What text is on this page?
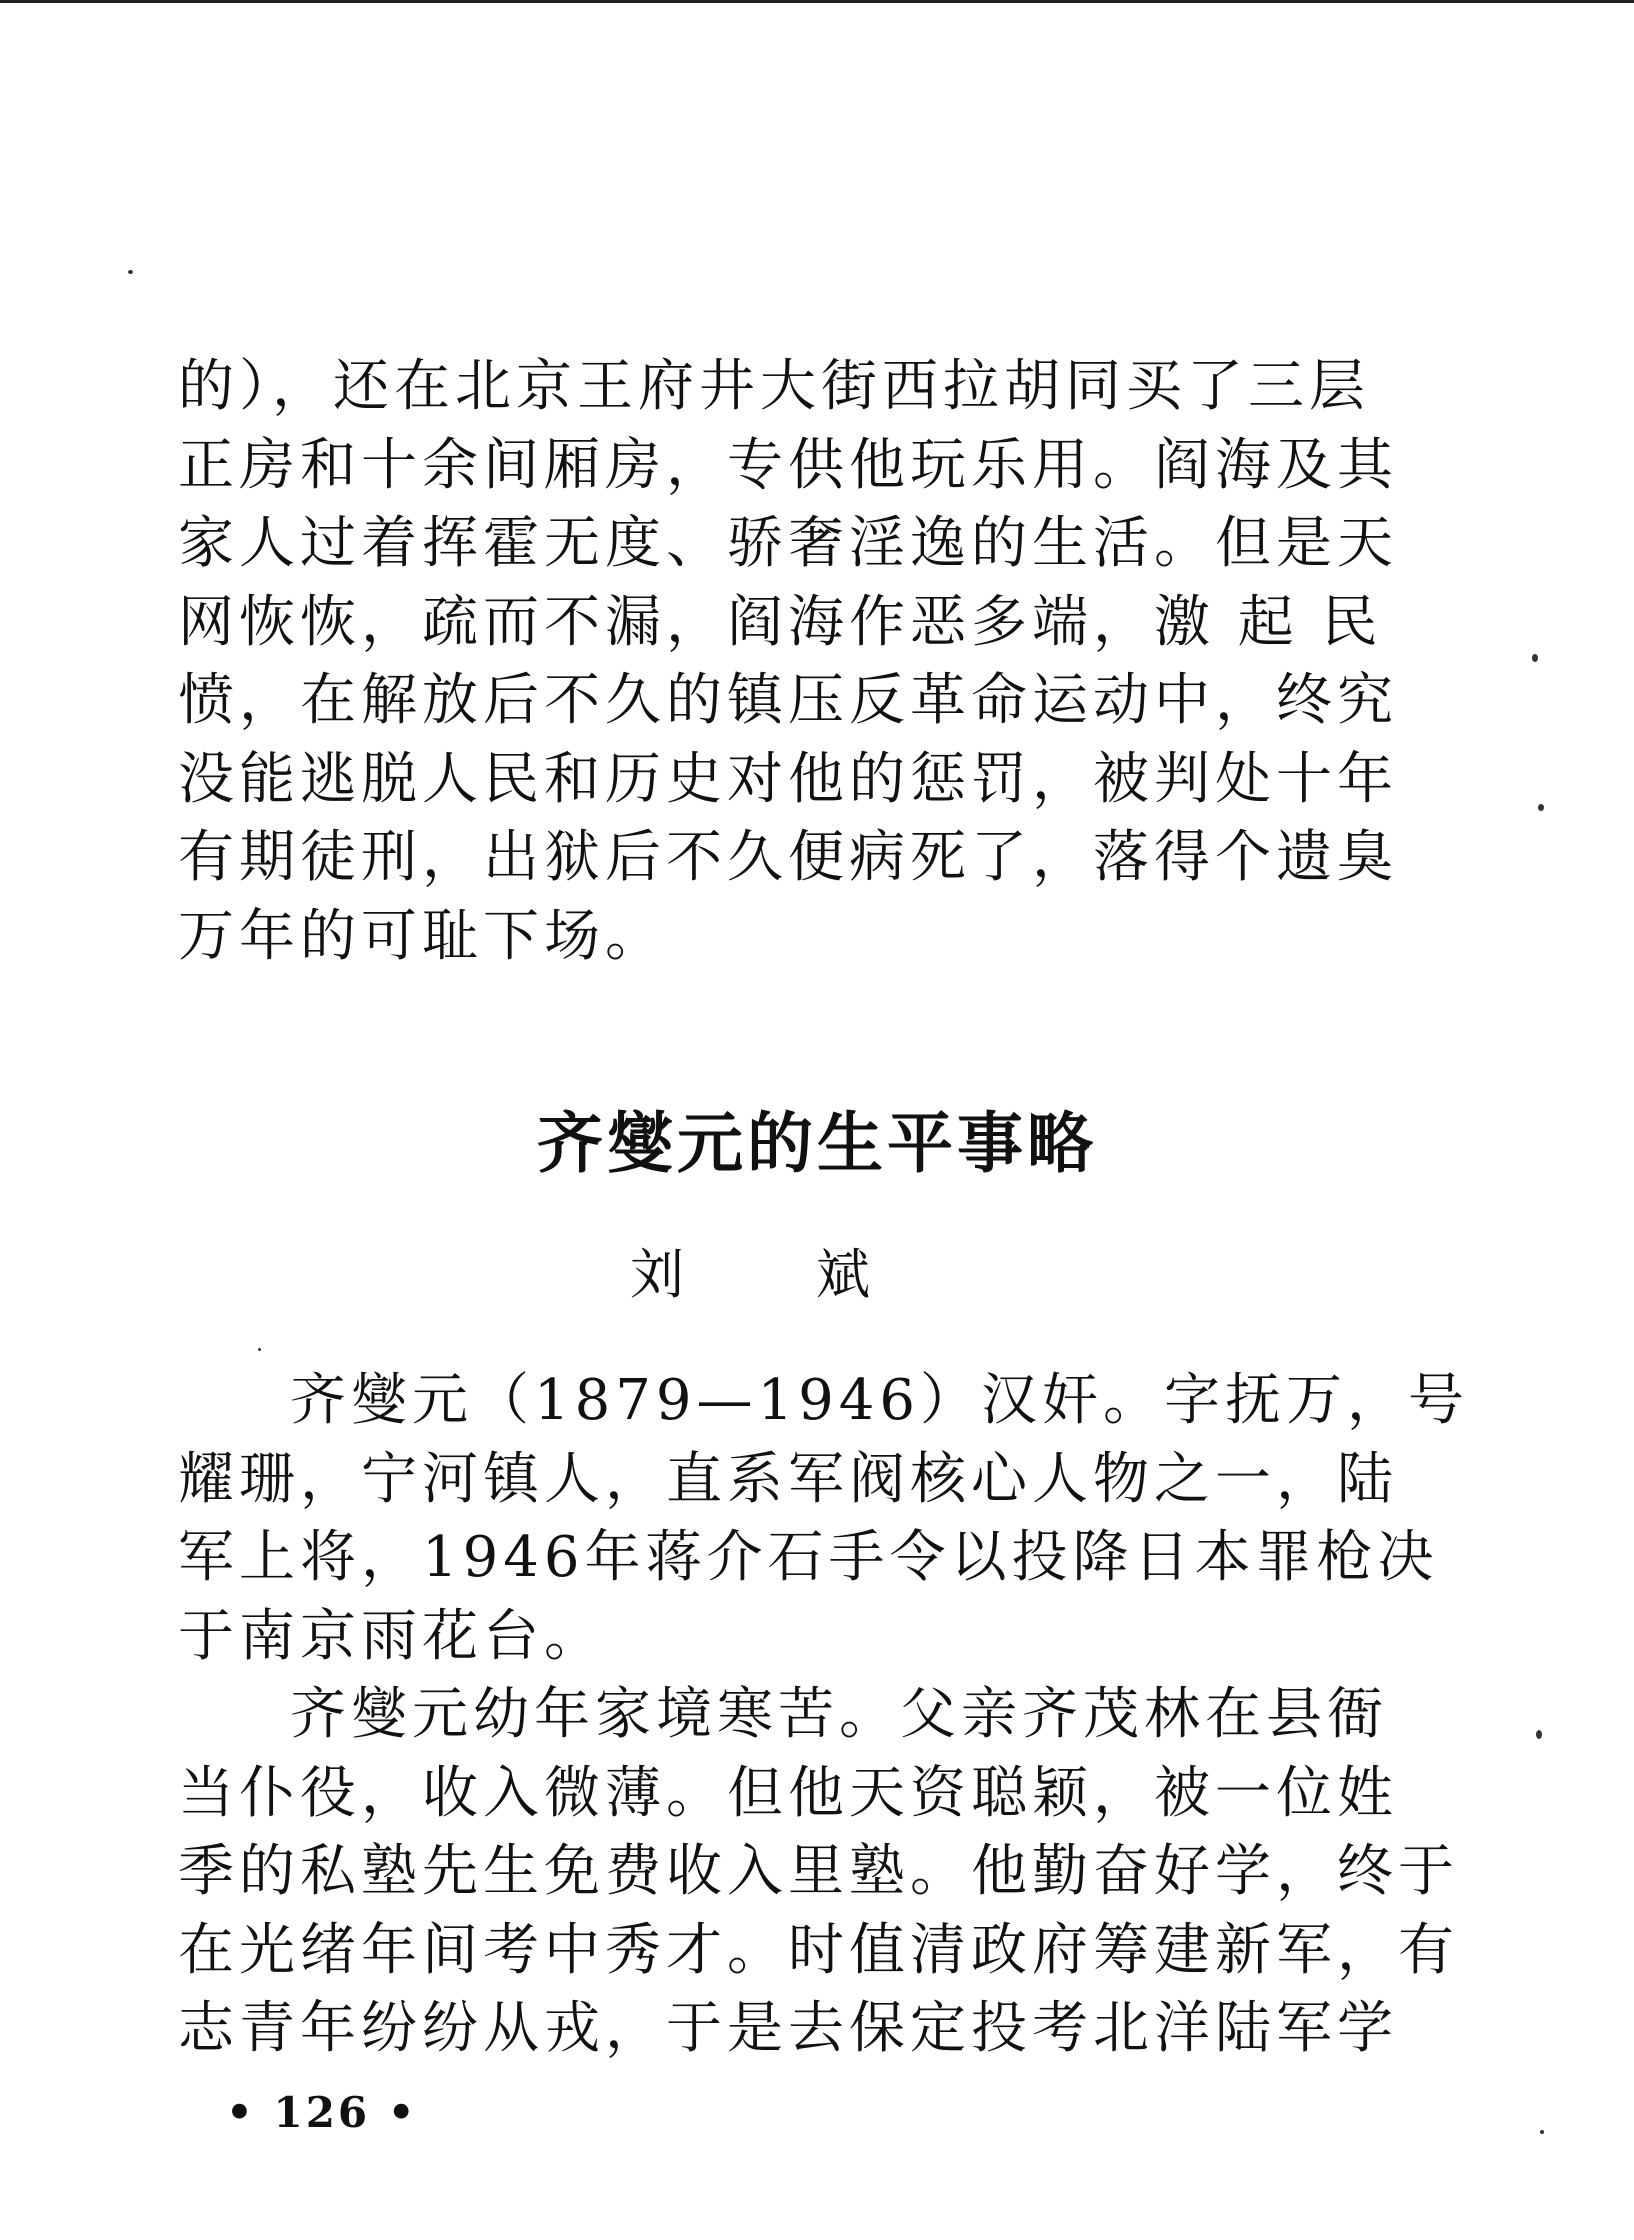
的），还在北京王府井大街西拉胡同买了三层
正房和十余间厢房，专供他玩乐用。阎海及其
家人过着挥霍无度、骄奢淫逸的生活。但是天
网恢恢，疏而不漏，阎海作恶多端，激 起 民
愤，在解放后不久的镇压反革命运动中，终究
没能逃脱人民和历史对他的惩罚，被判处十年
有期徒刑，出狱后不久便病死了，落得个遗臭
万年的可耻下场。
齐燮元的生平事略
刘 斌
齐燮元（1879—1946）汉奸。字抚万，号
耀珊，宁河镇人，直系军阀核心人物之一，陆
军上将，1946年蒋介石手令以投降日本罪枪决
于南京雨花台。
齐燮元幼年家境寒苦。父亲齐茂林在县衙
当仆役，收入微薄。但他天资聪颖，被一位姓
季的私塾先生免费收入里塾。他勤奋好学，终于
在光绪年间考中秀才。时值清政府筹建新军，有
志青年纷纷从戎，于是去保定投考北洋陆军学
• 126 •
